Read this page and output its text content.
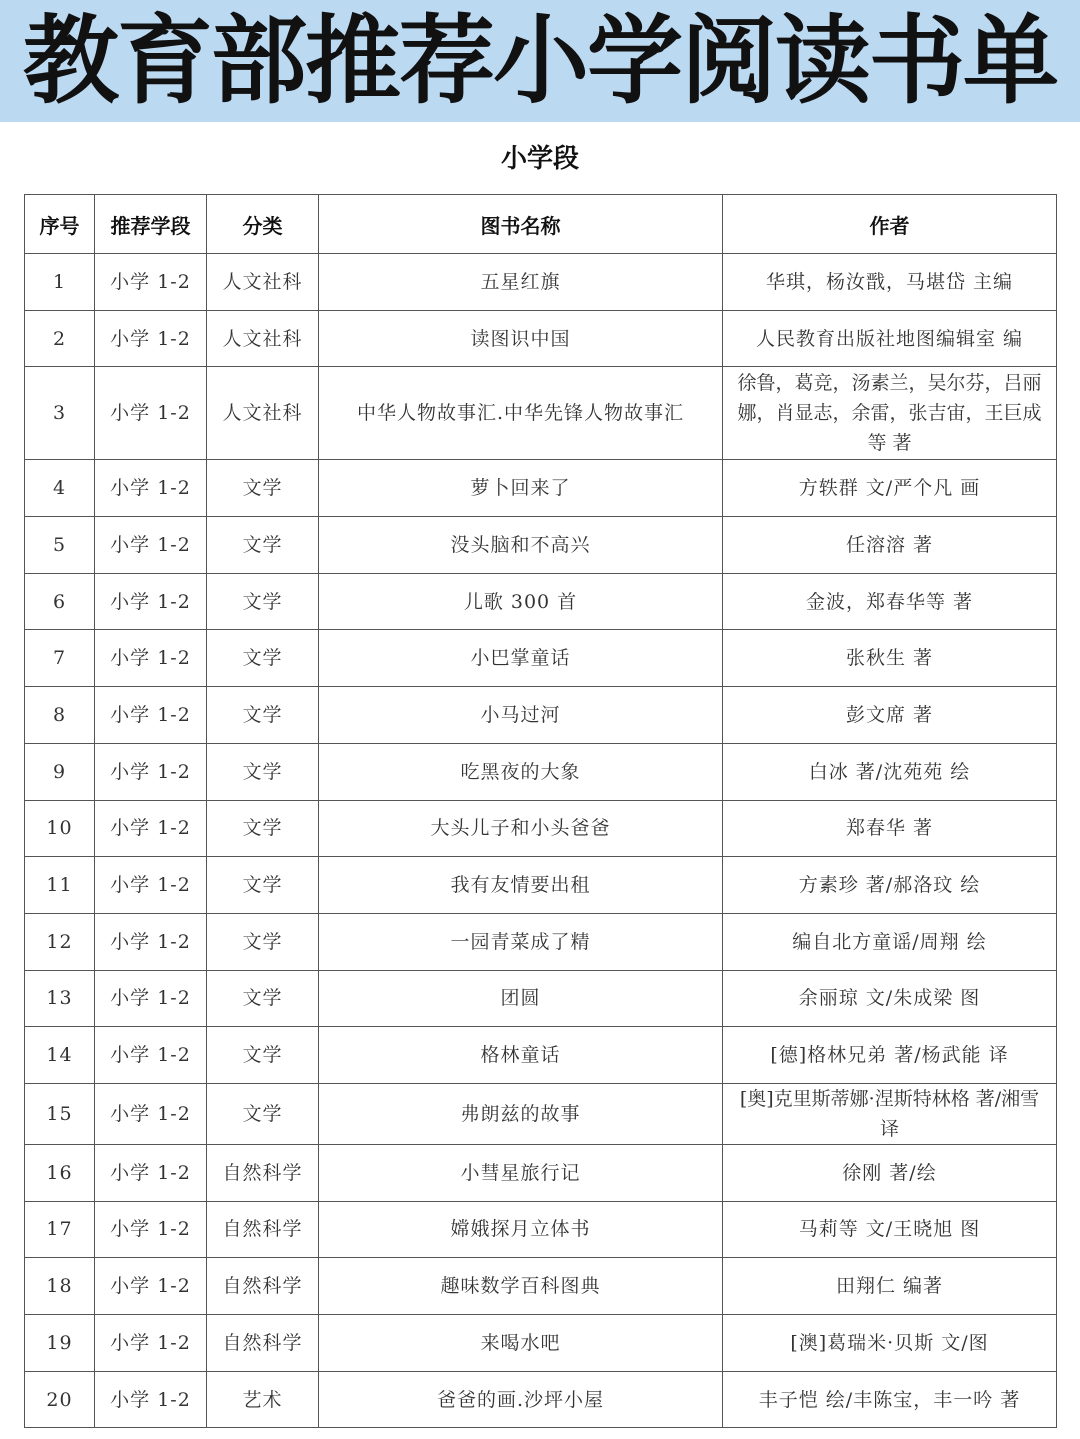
教育部推荐小学阅读书单
小学段
序号	推荐学段	分类	图书名称	作者
1	小学 1-2	人文社科	五星红旗	华琪，杨汝戬，马堪岱 主编
2	小学 1-2	人文社科	读图识中国	人民教育出版社地图编辑室 编
3	小学 1-2	人文社科	中华人物故事汇.中华先锋人物故事汇	徐鲁，葛竞，汤素兰，吴尔芬，吕丽娜，肖显志，余雷，张吉宙，王巨成等 著
4	小学 1-2	文学	萝卜回来了	方轶群 文/严个凡 画
5	小学 1-2	文学	没头脑和不高兴	任溶溶 著
6	小学 1-2	文学	儿歌 300 首	金波，郑春华等 著
7	小学 1-2	文学	小巴掌童话	张秋生 著
8	小学 1-2	文学	小马过河	彭文席 著
9	小学 1-2	文学	吃黑夜的大象	白冰 著/沈苑苑 绘
10	小学 1-2	文学	大头儿子和小头爸爸	郑春华 著
11	小学 1-2	文学	我有友情要出租	方素珍 著/郝洛玟 绘
12	小学 1-2	文学	一园青菜成了精	编自北方童谣/周翔 绘
13	小学 1-2	文学	团圆	余丽琼 文/朱成梁 图
14	小学 1-2	文学	格林童话	[德]格林兄弟 著/杨武能 译
15	小学 1-2	文学	弗朗兹的故事	[奥]克里斯蒂娜·涅斯特林格 著/湘雪 译
16	小学 1-2	自然科学	小彗星旅行记	徐刚 著/绘
17	小学 1-2	自然科学	嫦娥探月立体书	马莉等 文/王晓旭 图
18	小学 1-2	自然科学	趣味数学百科图典	田翔仁 编著
19	小学 1-2	自然科学	来喝水吧	[澳]葛瑞米·贝斯 文/图
20	小学 1-2	艺术	爸爸的画.沙坪小屋	丰子恺 绘/丰陈宝，丰一吟 著
